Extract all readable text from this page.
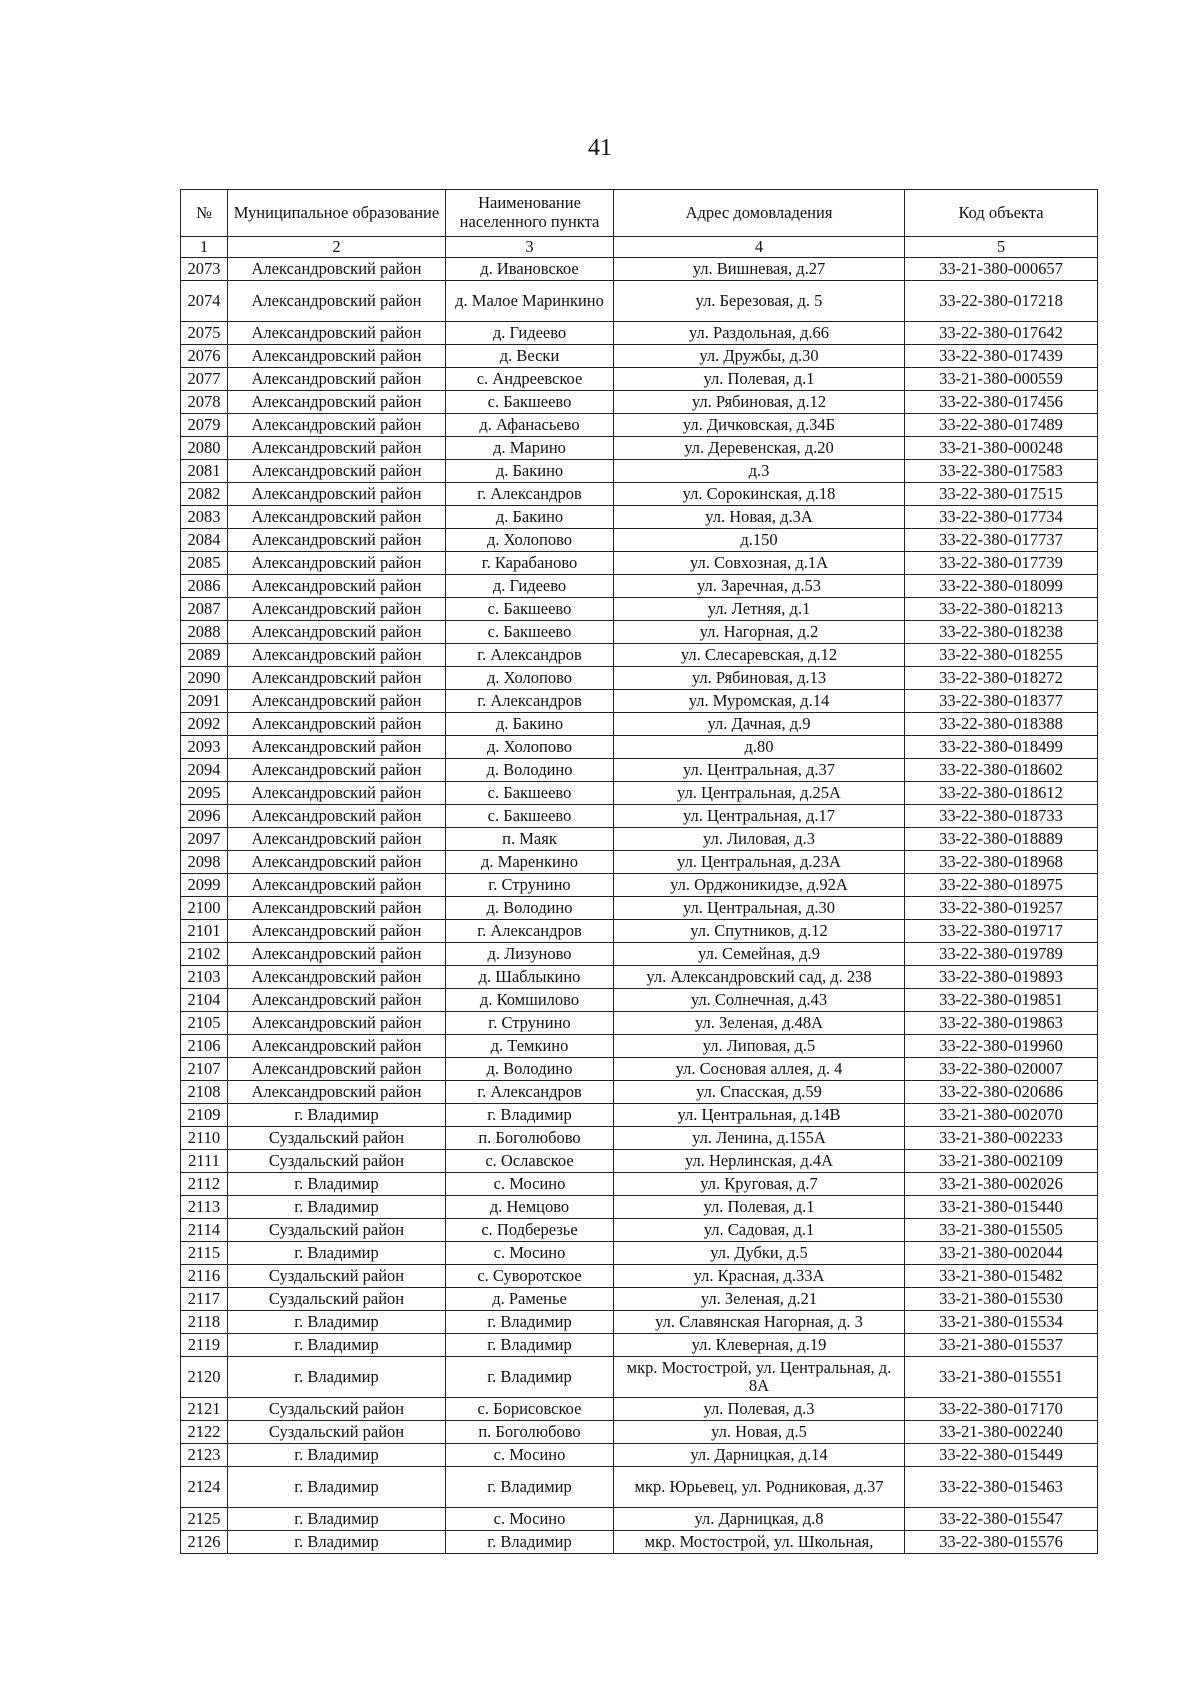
41
№	Муниципальное образование	Наименование населенного пункта	Адрес домовладения	Код объекта
1	2	3	4	5
2073	Александровский район	д. Ивановское	ул. Вишневая, д.27	33-21-380-000657
2074	Александровский район	д. Малое Маринкино	ул. Березовая, д. 5	33-22-380-017218
2075	Александровский район	д. Гидеево	ул. Раздольная, д.66	33-22-380-017642
2076	Александровский район	д. Вески	ул. Дружбы, д.30	33-22-380-017439
2077	Александровский район	с. Андреевское	ул. Полевая, д.1	33-21-380-000559
2078	Александровский район	с. Бакшеево	ул. Рябиновая, д.12	33-22-380-017456
2079	Александровский район	д. Афанасьево	ул. Дичковская, д.34Б	33-22-380-017489
2080	Александровский район	д. Марино	ул. Деревенская, д.20	33-21-380-000248
2081	Александровский район	д. Бакино	д.3	33-22-380-017583
2082	Александровский район	г. Александров	ул. Сорокинская, д.18	33-22-380-017515
2083	Александровский район	д. Бакино	ул. Новая, д.3А	33-22-380-017734
2084	Александровский район	д. Холопово	д.150	33-22-380-017737
2085	Александровский район	г. Карабаново	ул. Совхозная, д.1А	33-22-380-017739
2086	Александровский район	д. Гидеево	ул. Заречная, д.53	33-22-380-018099
2087	Александровский район	с. Бакшеево	ул. Летняя, д.1	33-22-380-018213
2088	Александровский район	с. Бакшеево	ул. Нагорная, д.2	33-22-380-018238
2089	Александровский район	г. Александров	ул. Слесаревская, д.12	33-22-380-018255
2090	Александровский район	д. Холопово	ул. Рябиновая, д.13	33-22-380-018272
2091	Александровский район	г. Александров	ул. Муромская, д.14	33-22-380-018377
2092	Александровский район	д. Бакино	ул. Дачная, д.9	33-22-380-018388
2093	Александровский район	д. Холопово	д.80	33-22-380-018499
2094	Александровский район	д. Володино	ул. Центральная, д.37	33-22-380-018602
2095	Александровский район	с. Бакшеево	ул. Центральная, д.25А	33-22-380-018612
2096	Александровский район	с. Бакшеево	ул. Центральная, д.17	33-22-380-018733
2097	Александровский район	п. Маяк	ул. Лиловая, д.3	33-22-380-018889
2098	Александровский район	д. Маренкино	ул. Центральная, д.23А	33-22-380-018968
2099	Александровский район	г. Струнино	ул. Орджоникидзе, д.92А	33-22-380-018975
2100	Александровский район	д. Володино	ул. Центральная, д.30	33-22-380-019257
2101	Александровский район	г. Александров	ул. Спутников, д.12	33-22-380-019717
2102	Александровский район	д. Лизуново	ул. Семейная, д.9	33-22-380-019789
2103	Александровский район	д. Шаблыкино	ул. Александровский сад, д. 238	33-22-380-019893
2104	Александровский район	д. Комшилово	ул. Солнечная, д.43	33-22-380-019851
2105	Александровский район	г. Струнино	ул. Зеленая, д.48А	33-22-380-019863
2106	Александровский район	д. Темкино	ул. Липовая, д.5	33-22-380-019960
2107	Александровский район	д. Володино	ул. Сосновая аллея, д. 4	33-22-380-020007
2108	Александровский район	г. Александров	ул. Спасская, д.59	33-22-380-020686
2109	г. Владимир	г. Владимир	ул. Центральная, д.14В	33-21-380-002070
2110	Суздальский район	п. Боголюбово	ул. Ленина, д.155А	33-21-380-002233
2111	Суздальский район	с. Ославское	ул. Нерлинская, д.4А	33-21-380-002109
2112	г. Владимир	с. Мосино	ул. Круговая, д.7	33-21-380-002026
2113	г. Владимир	д. Немцово	ул. Полевая, д.1	33-21-380-015440
2114	Суздальский район	с. Подберезье	ул. Садовая, д.1	33-21-380-015505
2115	г. Владимир	с. Мосино	ул. Дубки, д.5	33-21-380-002044
2116	Суздальский район	с. Суворотское	ул. Красная, д.33А	33-21-380-015482
2117	Суздальский район	д. Раменье	ул. Зеленая, д.21	33-21-380-015530
2118	г. Владимир	г. Владимир	ул. Славянская Нагорная, д. 3	33-21-380-015534
2119	г. Владимир	г. Владимир	ул. Клеверная, д.19	33-21-380-015537
2120	г. Владимир	г. Владимир	мкр. Мостострой, ул. Центральная, д. 8А	33-21-380-015551
2121	Суздальский район	с. Борисовское	ул. Полевая, д.3	33-22-380-017170
2122	Суздальский район	п. Боголюбово	ул. Новая, д.5	33-21-380-002240
2123	г. Владимир	с. Мосино	ул. Дарницкая, д.14	33-22-380-015449
2124	г. Владимир	г. Владимир	мкр. Юрьевец, ул. Родниковая, д.37	33-22-380-015463
2125	г. Владимир	с. Мосино	ул. Дарницкая, д.8	33-22-380-015547
2126	г. Владимир	г. Владимир	мкр. Мостострой, ул. Школьная,	33-22-380-015576
